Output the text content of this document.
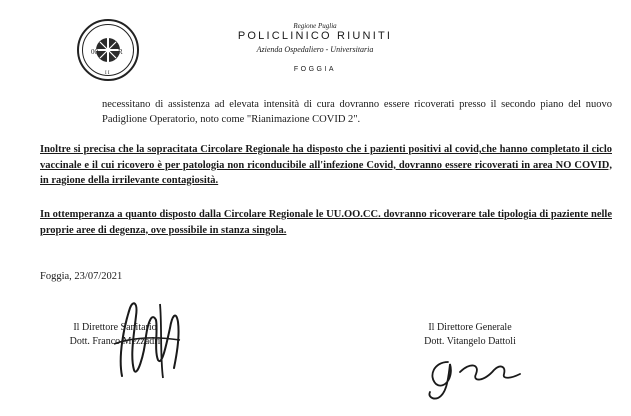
00	R
I I
Regione Puglia
POLICLINICO RIUNITI
Azienda Ospedaliero - Universitaria
FOGGIA
necessitano di assistenza ad elevata intensità di cura dovranno essere ricoverati presso il secondo piano del nuovo Padiglione Operatorio, noto come "Rianimazione COVID 2".
Inoltre si precisa che la sopracitata Circolare Regionale ha disposto che i pazienti positivi al covid,che hanno completato il ciclo vaccinale e il cui ricovero è per patologia non riconducibile all'infezione Covid, dovranno essere ricoverati in area NO COVID, in ragione della irrilevante contagiosità.
In ottemperanza a quanto disposto dalla Circolare Regionale le UU.OO.CC. dovranno ricoverare tale tipologia di paziente nelle proprie aree di degenza, ove possibile in stanza singola.
Foggia, 23/07/2021
Il Direttore Sanitario
Dott. Franco Mezzadri
Il Direttore Generale
Dott. Vitangelo Dattoli
